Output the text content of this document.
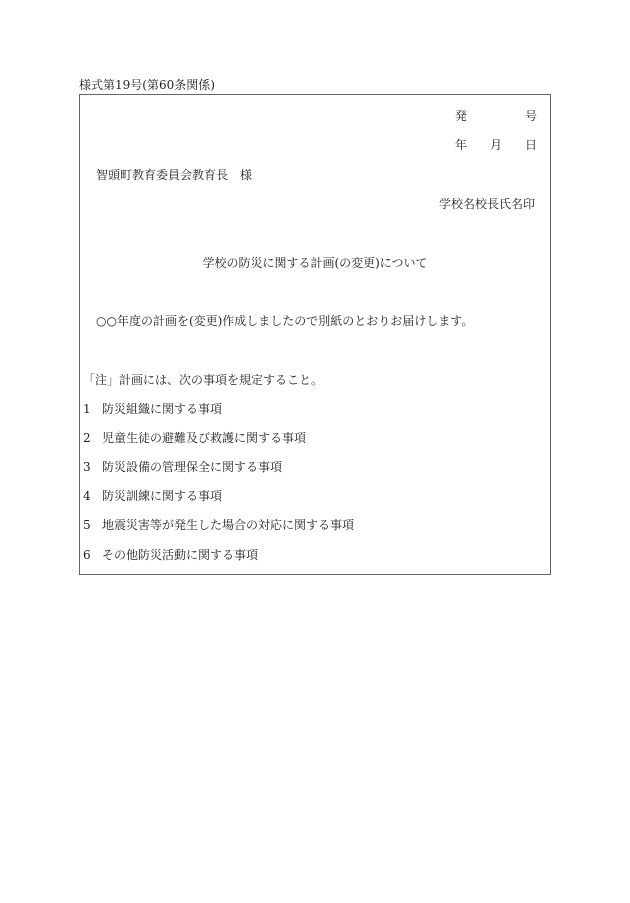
様式第19号(第60条関係)
発	号
年 月 日
智頭町教育委員会教育長　様
学校名校長氏名印
学校の防災に関する計画(の変更)について
○○年度の計画を(変更)作成しましたので別紙のとおりお届けします。
「注」計画には、次の事項を規定すること。
1 防災組織に関する事項
2 児童生徒の避難及び救護に関する事項
3 防災設備の管理保全に関する事項
4 防災訓練に関する事項
5 地震災害等が発生した場合の対応に関する事項
6 その他防災活動に関する事項
